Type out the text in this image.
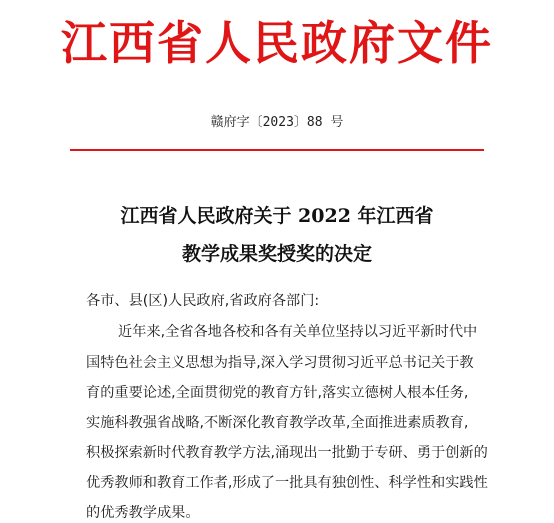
江西省人民政府文件
赣府字〔2023〕88 号
江西省人民政府关于 2022 年江西省
教学成果奖授奖的决定
各市、县(区)人民政府,省政府各部门:
近年来,全省各地各校和各有关单位坚持以习近平新时代中
国特色社会主义思想为指导,深入学习贯彻习近平总书记关于教
育的重要论述,全面贯彻党的教育方针,落实立德树人根本任务,
实施科教强省战略,不断深化教育教学改革,全面推进素质教育,
积极探索新时代教育教学方法,涌现出一批勤于专研、勇于创新的
优秀教师和教育工作者,形成了一批具有独创性、科学性和实践性
的优秀教学成果。
